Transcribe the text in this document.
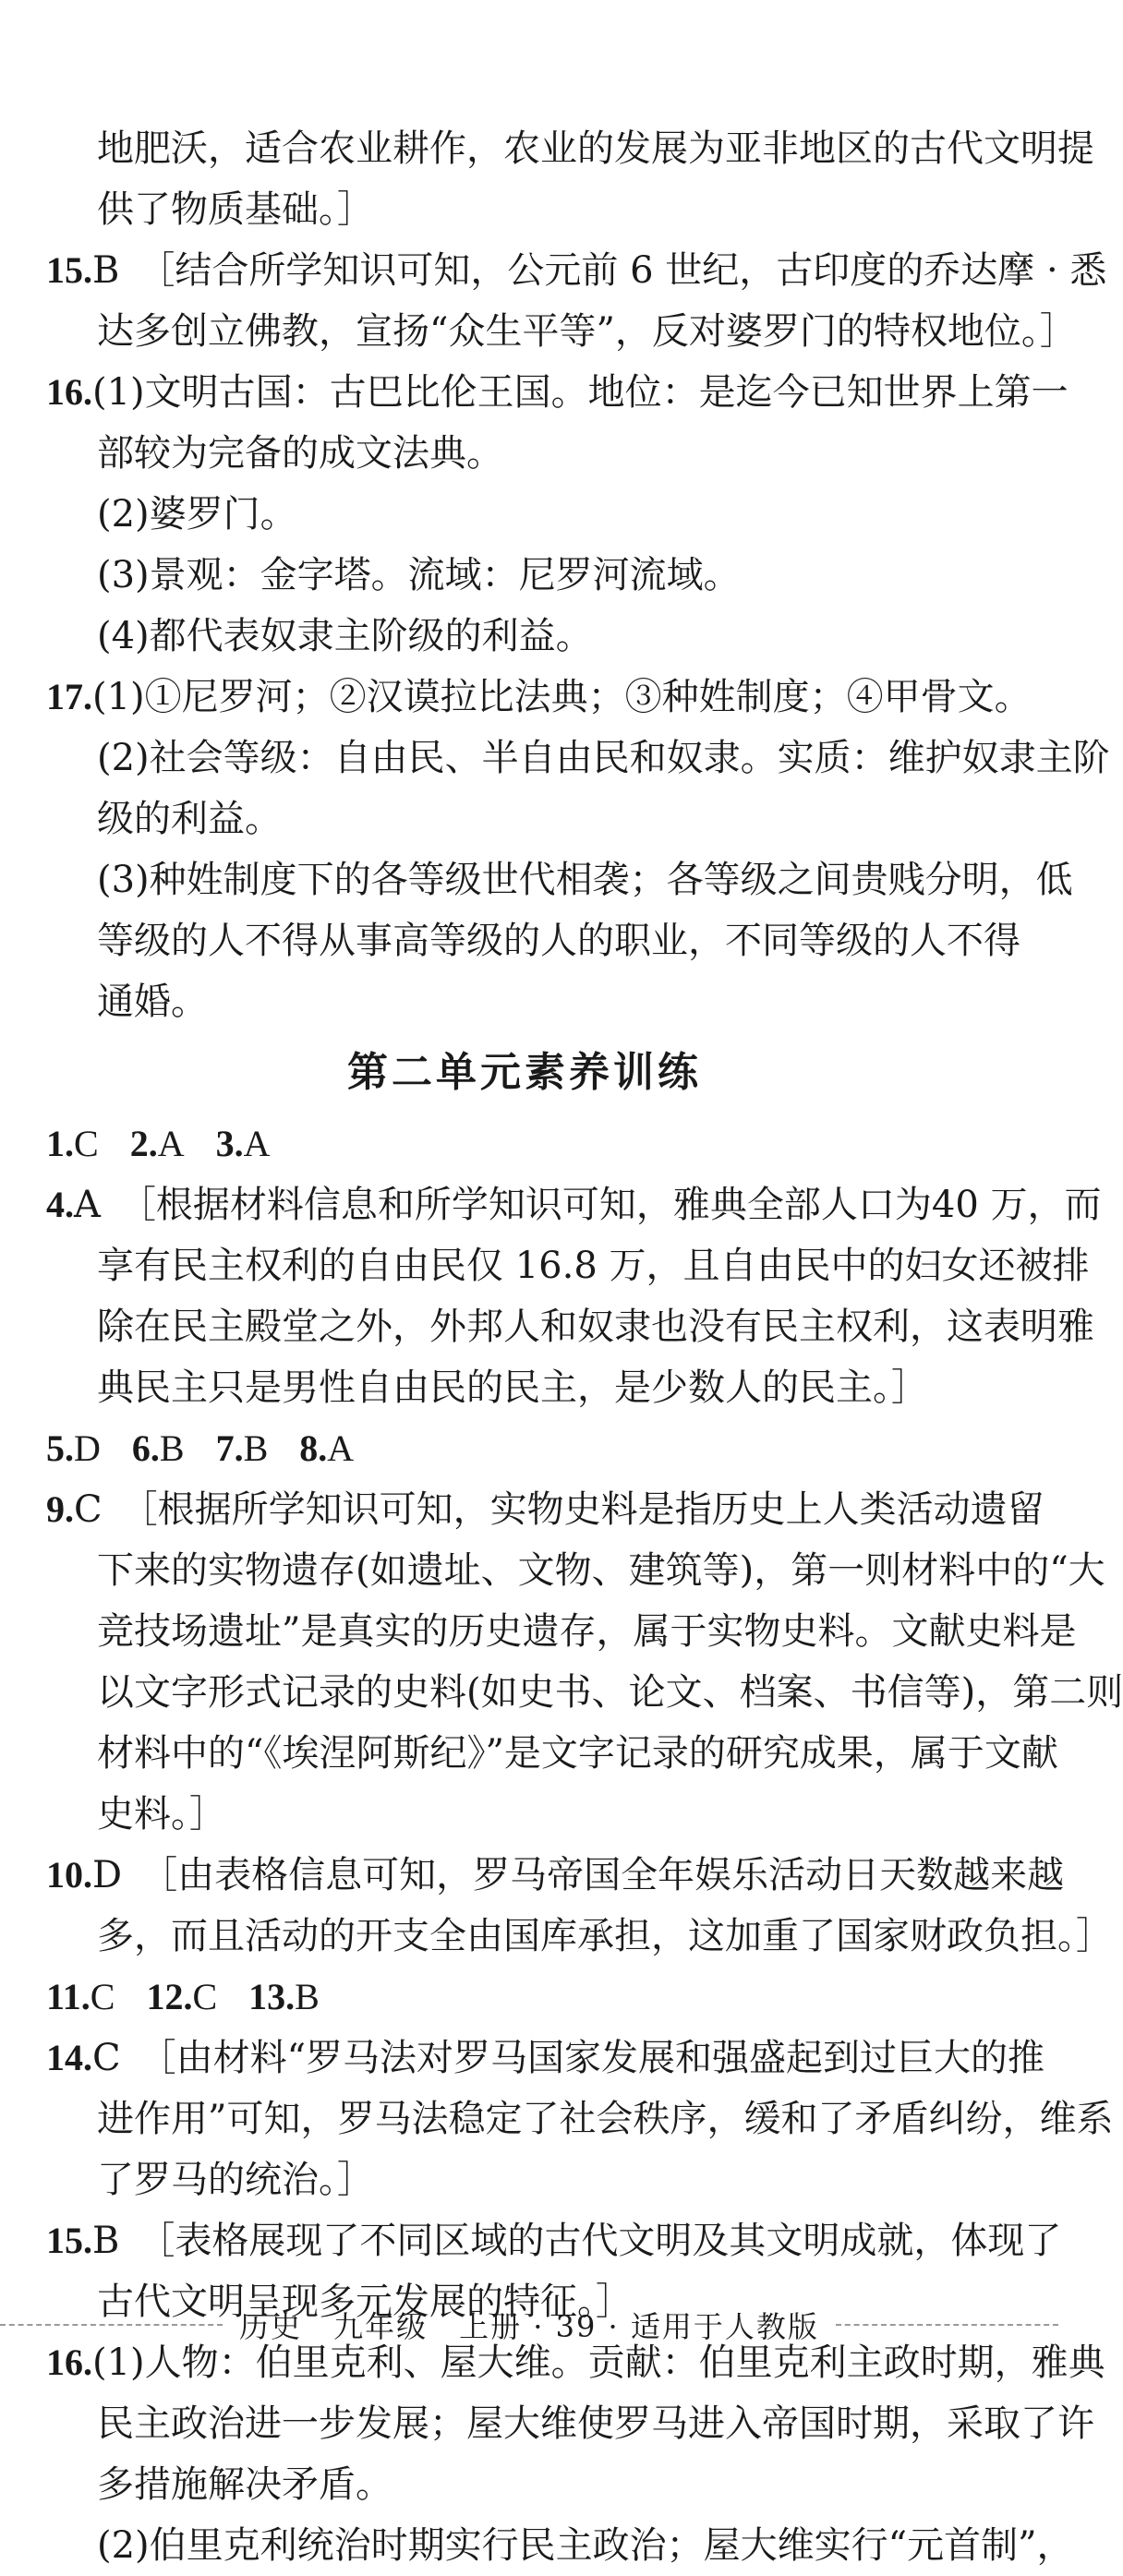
地肥沃，适合农业耕作，农业的发展为亚非地区的古代文明提
供了物质基础。］
15.B　［结合所学知识可知，公元前 6 世纪，古印度的乔达摩 · 悉
达多创立佛教，宣扬“众生平等”，反对婆罗门的特权地位。］
16.(1)文明古国：古巴比伦王国。地位：是迄今已知世界上第一
部较为完备的成文法典。
(2)婆罗门。
(3)景观：金字塔。流域：尼罗河流域。
(4)都代表奴隶主阶级的利益。
17.(1)①尼罗河；②汉谟拉比法典；③种姓制度；④甲骨文。
(2)社会等级：自由民、半自由民和奴隶。实质：维护奴隶主阶
级的利益。
(3)种姓制度下的各等级世代相袭；各等级之间贵贱分明，低
等级的人不得从事高等级的人的职业，不同等级的人不得
通婚。
第二单元素养训练
1.C 2.A 3.A
4.A　［根据材料信息和所学知识可知，雅典全部人口为40 万，而
享有民主权利的自由民仅 16.8 万，且自由民中的妇女还被排
除在民主殿堂之外，外邦人和奴隶也没有民主权利，这表明雅
典民主只是男性自由民的民主，是少数人的民主。］
5.D 6.B 7.B 8.A
9.C　［根据所学知识可知，实物史料是指历史上人类活动遗留
下来的实物遗存(如遗址、文物、建筑等)，第一则材料中的“大
竞技场遗址”是真实的历史遗存，属于实物史料。文献史料是
以文字形式记录的史料(如史书、论文、档案、书信等)，第二则
材料中的“《埃涅阿斯纪》”是文字记录的研究成果，属于文献
史料。］
10.D　［由表格信息可知，罗马帝国全年娱乐活动日天数越来越
多，而且活动的开支全由国库承担，这加重了国家财政负担。］
11.C 12.C 13.B
14.C　［由材料“罗马法对罗马国家发展和强盛起到过巨大的推
进作用”可知，罗马法稳定了社会秩序，缓和了矛盾纠纷，维系
了罗马的统治。］
15.B　［表格展现了不同区域的古代文明及其文明成就，体现了
古代文明呈现多元发展的特征。］
16.(1)人物：伯里克利、屋大维。贡献：伯里克利主政时期，雅典
民主政治进一步发展；屋大维使罗马进入帝国时期，采取了许
多措施解决矛盾。
(2)伯里克利统治时期实行民主政治；屋大维实行“元首制”，
历史　九年级　上册 · 39 · 适用于人教版
